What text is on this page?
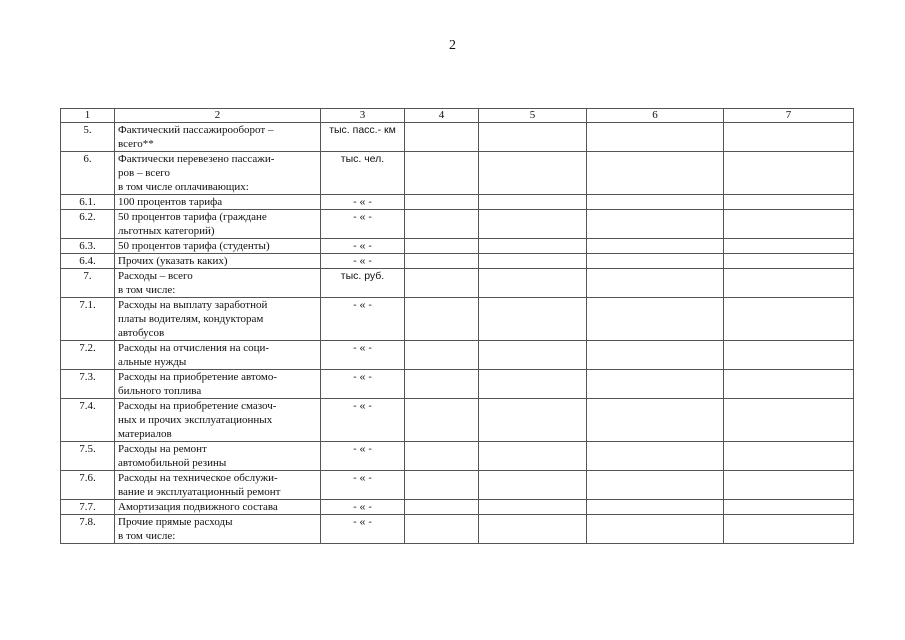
2
1	2	3	4	5	6	7
5.	Фактический пассажирооборот –
всего**	тыс. пасс.- км				
6.	Фактически перевезено пассажи-
ров – всего
в том числе оплачивающих:	тыс. чел.				
6.1.	100 процентов тарифа	- « -				
6.2.	50 процентов тарифа (граждане
льготных категорий)	- « -				
6.3.	50 процентов тарифа (студенты)	- « -				
6.4.	Прочих (указать каких)	- « -				
7.	Расходы – всего
в том числе:	тыс. руб.				
7.1.	Расходы на выплату заработной
платы водителям, кондукторам
автобусов	- « -				
7.2.	Расходы на отчисления на соци-
альные нужды	- « -				
7.3.	Расходы на приобретение автомо-
бильного топлива	- « -				
7.4.	Расходы на приобретение смазоч-
ных и прочих эксплуатационных
материалов	- « -				
7.5.	Расходы на ремонт
автомобильной резины	- « -				
7.6.	Расходы на техническое обслужи-
вание и эксплуатационный ремонт	- « -				
7.7.	Амортизация подвижного состава	- « -				
7.8.	Прочие прямые расходы
в том числе:	- « -				
